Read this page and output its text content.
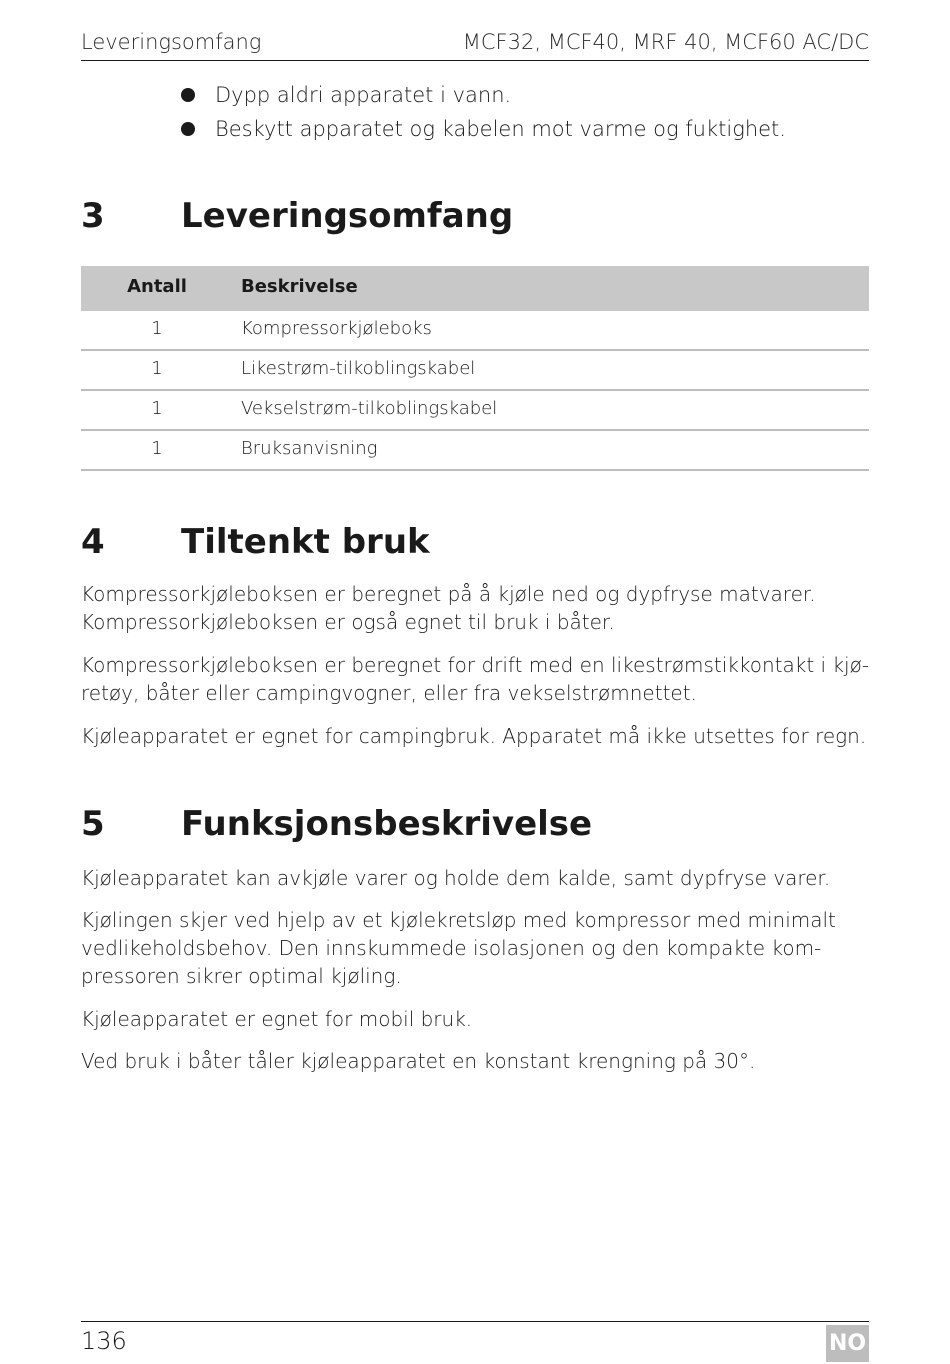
Leveringsomfang	MCF32, MCF40, MRF 40, MCF60 AC/DC
Dypp aldri apparatet i vann.
Beskytt apparatet og kabelen mot varme og fuktighet.
3 Leveringsomfang
Antall	Beskrivelse
1	Kompressorkjøleboks
1	Likestrøm-tilkoblingskabel
1	Vekselstrøm-tilkoblingskabel
1	Bruksanvisning
4 Tiltenkt bruk

Kompressorkjøleboksen er beregnet på å kjøle ned og dypfryse matvarer. Kompressorkjøleboksen er også egnet til bruk i båter.

Kompressorkjøleboksen er beregnet for drift med en likestrømstikkontakt i kjø-retøy, båter eller campingvogner, eller fra vekselstrømnettet.

Kjøleapparatet er egnet for campingbruk. Apparatet må ikke utsettes for regn.

5 Funksjonsbeskrivelse

Kjøleapparatet kan avkjøle varer og holde dem kalde, samt dypfryse varer.

Kjølingen skjer ved hjelp av et kjølekretsløp med kompressor med minimalt vedlikeholdsbehov. Den innskummede isolasjonen og den kompakte kom-pressoren sikrer optimal kjøling.

Kjøleapparatet er egnet for mobil bruk.

Ved bruk i båter tåler kjøleapparatet en konstant krengning på 30°.

136	NO
